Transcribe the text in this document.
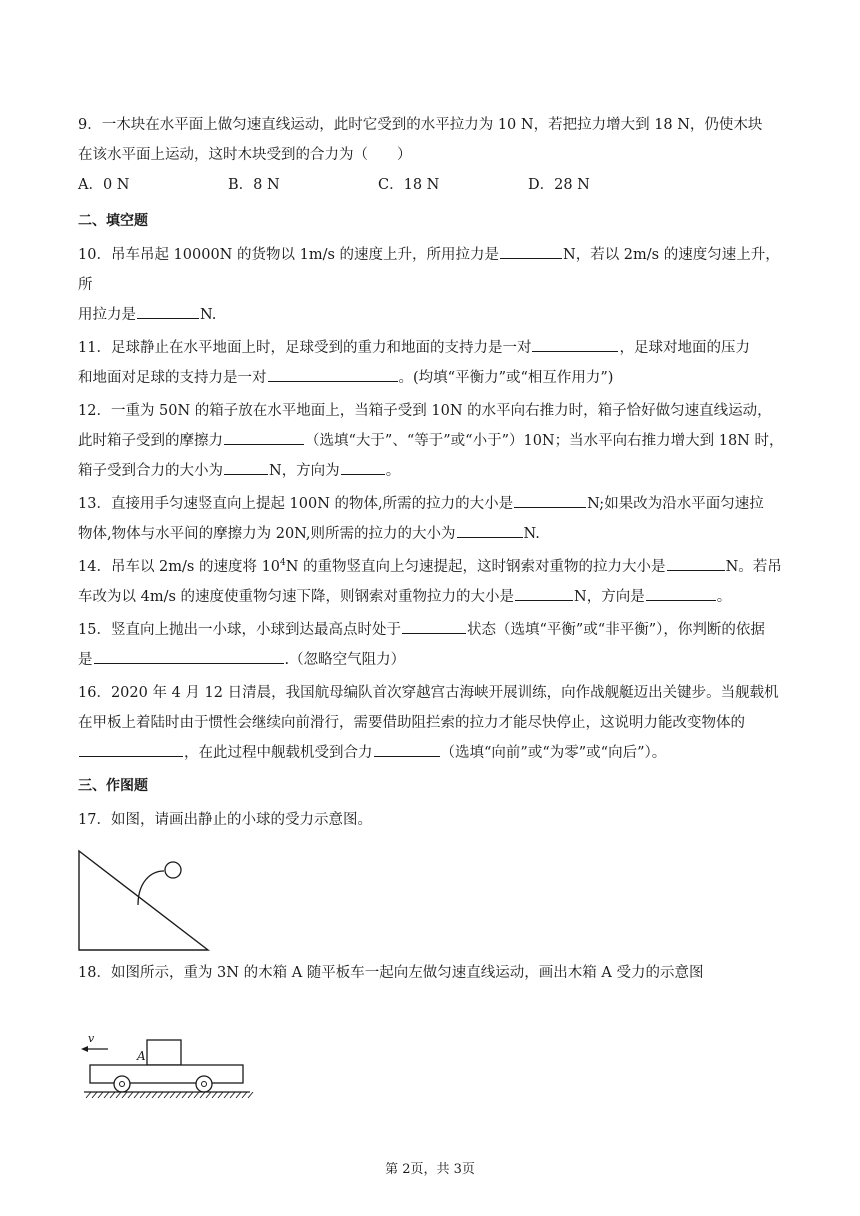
9．一木块在水平面上做匀速直线运动，此时它受到的水平拉力为 10 N，若把拉力增大到 18 N，仍使木块

在该水平面上运动，这时木块受到的合力为（　　）

A．0 N	B．8 N	C．18 N	D．28 N
二、填空题

10．吊车吊起 10000N 的货物以 1m/s 的速度上升，所用拉力是	N，若以 2m/s 的速度匀速上升，所

用拉力是	N.

11．足球静止在水平地面上时，足球受到的重力和地面的支持力是一对	，足球对地面的压力

和地面对足球的支持力是一对	。(均填“平衡力”或“相互作用力”)

12．一重为 50N 的箱子放在水平地面上，当箱子受到 10N 的水平向右推力时，箱子恰好做匀速直线运动，

此时箱子受到的摩擦力	（选填“大于”、“等于”或“小于”）10N；当水平向右推力增大到 18N 时，

箱子受到合力的大小为	N，方向为	。

13．直接用手匀速竖直向上提起 100N 的物体,所需的拉力的大小是	N;如果改为沿水平面匀速拉

物体,物体与水平间的摩擦力为 20N,则所需的拉力的大小为	N.

14．吊车以 2m/s 的速度将 $10^4N$ 的重物竖直向上匀速提起，这时钢索对重物的拉力大小是	N。若吊

车改为以 4m/s 的速度使重物匀速下降，则钢索对重物拉力的大小是	N，方向是	。

15．竖直向上抛出一小球，小球到达最高点时处于	状态（选填“平衡”或“非平衡”），你判断的依据

是	.（忽略空气阻力）

16．2020 年 4 月 12 日清晨，我国航母编队首次穿越宫古海峡开展训练，向作战舰艇迈出关键步。当舰载机

在甲板上着陆时由于惯性会继续向前滑行，需要借助阻拦索的拉力才能尽快停止，这说明力能改变物体的

，在此过程中舰载机受到合力	（选填“向前”或“为零”或“向后”）。

三、作图题

17．如图，请画出静止的小球的受力示意图。

18．如图所示，重为 3N 的木箱 A 随平板车一起向左做匀速直线运动，画出木箱 A 受力的示意图

v
A
第 2页，共 3页
